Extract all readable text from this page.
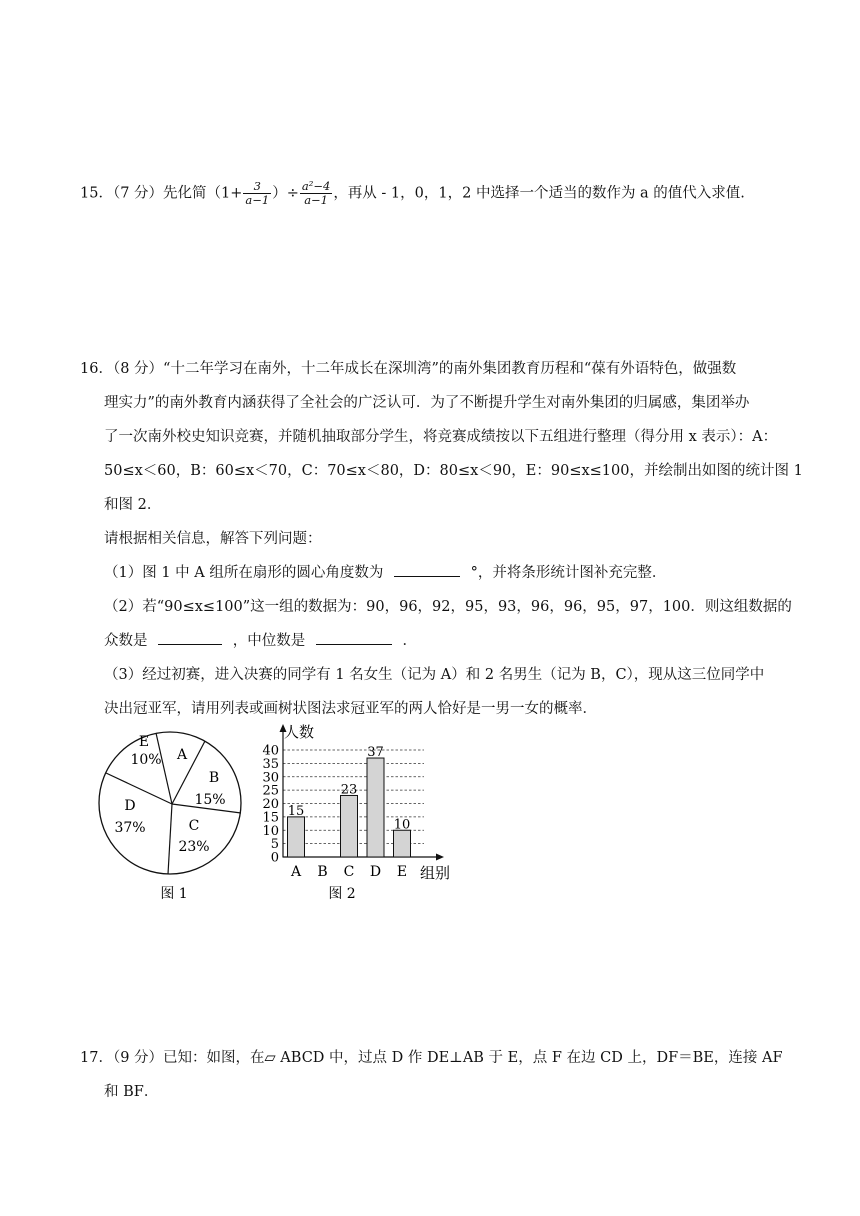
15．（7 分）先化简（$1+ \frac{3}{a-1}$ ）÷ $\frac{\text{a²−4}}{a-1}$ ，再从 - 1，0，1，2 中选择一个适当的数作为 a 的值代入求值.
16．（8 分）“十二年学习在南外，十二年成长在深圳湾”的南外集团教育历程和“葆有外语特色，做强数
理实力”的南外教育内涵获得了全社会的广泛认可．为了不断提升学生对南外集团的归属感，集团举办
了一次南外校史知识竞赛，并随机抽取部分学生，将竞赛成绩按以下五组进行整理（得分用 x 表示）：A：
50≤x＜60，B：60≤x＜70，C：70≤x＜80，D：80≤x＜90，E：90≤x≤100，并绘制出如图的统计图 1
和图 2．
请根据相关信息，解答下列问题：
（1）图 1 中 A 组所在扇形的圆心角度数为	°，并将条形统计图补充完整．
（2）若“90≤x≤100”这一组的数据为：90，96，92，95，93，96，96，95，97，100．则这组数据的
众数是	，中位数是	．
（3）经过初赛，进入决赛的同学有 1 名女生（记为 A）和 2 名男生（记为 B，C），现从这三位同学中
决出冠亚军，请用列表或画树状图法求冠亚军的两人恰好是一男一女的概率．
A
B
15%
C
23%
D
37%
E
10%
图 1
0
5
10
15
20
25
30
35
40
A B C D E
15
23
37
10
人数
组别
图 2
17．（9 分）已知：如图，在▱ ABCD 中，过点 D 作 DE⊥AB 于 E，点 F 在边 CD 上，DF＝BE，连接 AF
和 BF．
